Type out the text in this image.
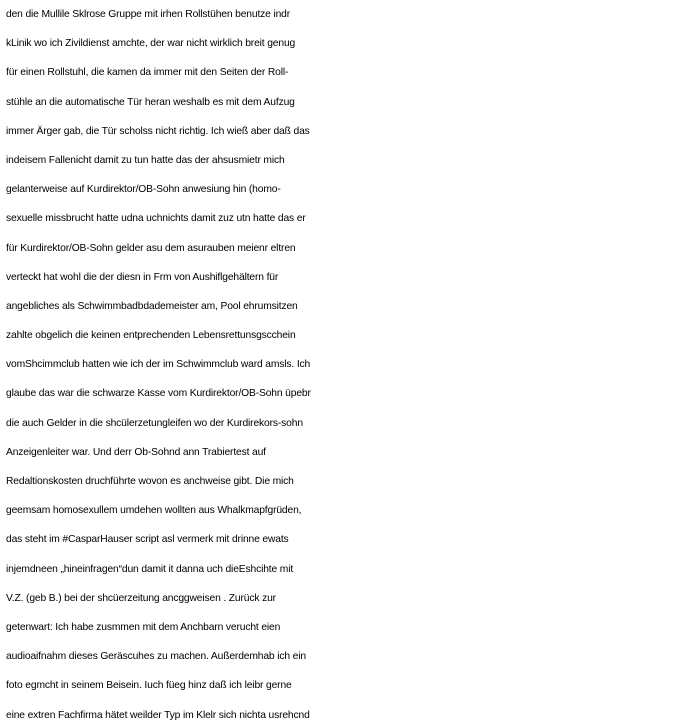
den die Mullile Sklrose Gruppe mit irhen Rollstühen benutze indr
kLinik wo ich Zivildienst amchte, der war nicht wirklich breit genug
für einen Rollstuhl, die kamen da immer mit den Seiten der Roll-
stühle an die automatische Tür heran weshalb es mit dem Aufzug
immer Ärger gab, die Tür scholss nicht richtig. Ich wieß aber daß das
indeisem Fallenicht damit zu tun hatte das der ahsusmietr mich
gelanterweise auf Kurdirektor/OB-Sohn anwesiung hin (homo-
sexuelle missbrucht hatte udna uchnichts damit zuz utn hatte das er
für Kurdirektor/OB-Sohn gelder asu dem asurauben meienr eltren
verteckt hat wohl die der diesn in Frm von Aushiflgehältern für
angebliches als Schwimmbadbdademeister am, Pool ehrumsitzen
zahlte obgelich die keinen entprechenden Lebensrettunsgscchein
vomShcimmclub hatten wie ich der im Schwimmclub ward amsls. Ich
glaube das war die schwarze Kasse vom Kurdirektor/OB-Sohn üpebr
die auch Gelder in die shcülerzetungleifen wo der Kurdirekors-sohn
Anzeigenleiter war. Und derr Ob-Sohnd ann Trabiertest auf
Redaltionskosten druchführte wovon es anchweise gibt. Die mich
geemsam homosexullem umdehen wollten aus Whalkmapfgrüden,
das steht im #CasparHauser script asl vermerk mit drinne ewats
injemdneen „hineinfragen“dun damit it danna uch dieEshcihte mit
V.Z. (geb B.) bei der shcüerzeitung ancggweisen . Zurück zur
getenwart: Ich habe zusmmen mit dem Anchbarn verucht eien
audioaifnahm dieses Geräscuhes zu machen. Außerdemhab ich ein
foto egmcht in seinem Beisein. Iuch füeg hinz daß ich leibr gerne
eine extren Fachfirma hätet weilder Typ im Klelr sich nichta usrehcnd
